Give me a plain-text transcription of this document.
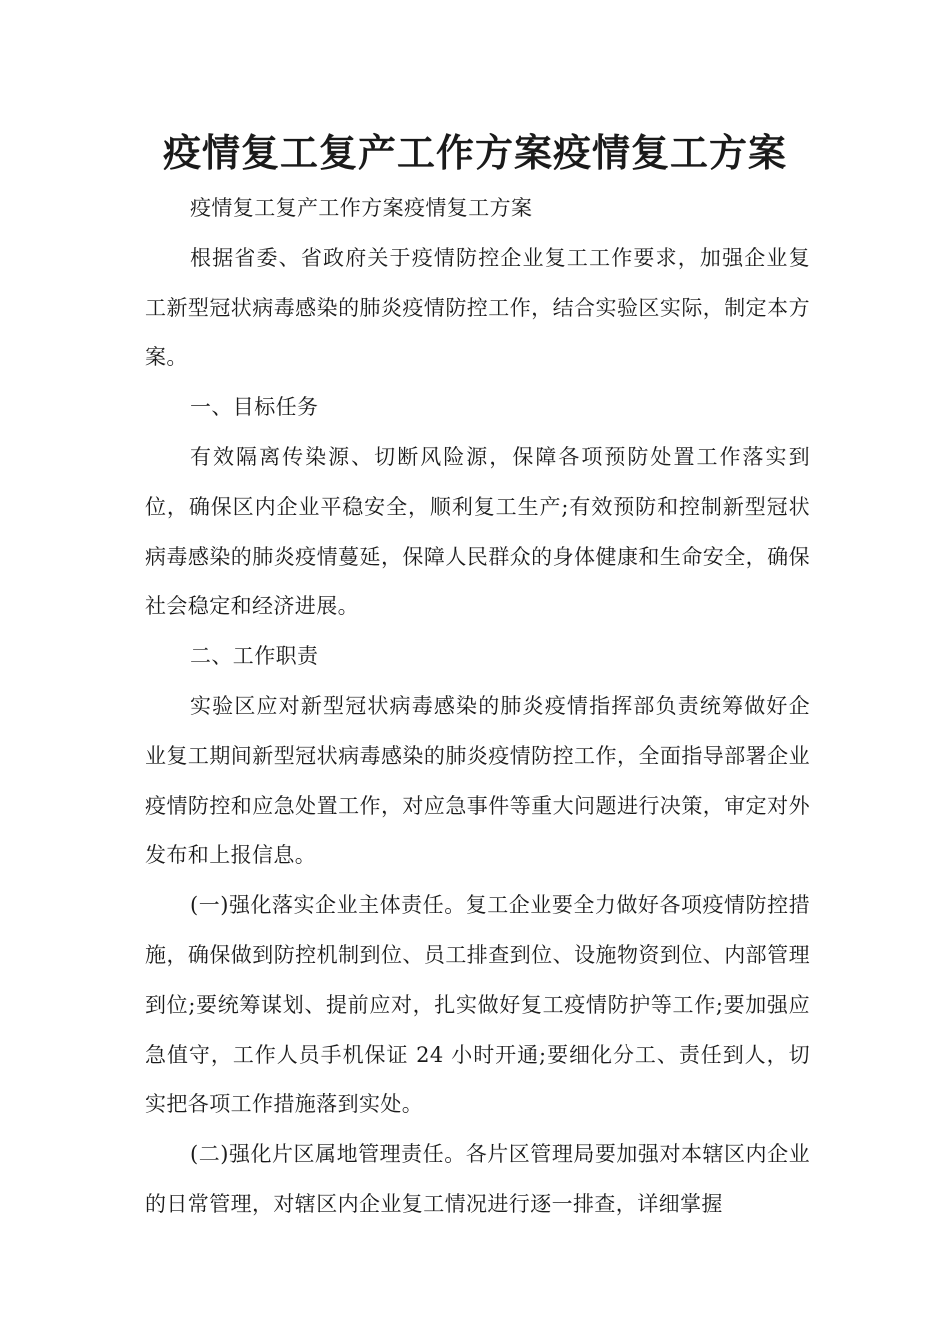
疫情复工复产工作方案疫情复工方案

疫情复工复产工作方案疫情复工方案

根据省委、省政府关于疫情防控企业复工工作要求，加强企业复工新型冠状病毒感染的肺炎疫情防控工作，结合实验区实际，制定本方案。

一、目标任务

有效隔离传染源、切断风险源，保障各项预防处置工作落实到位，确保区内企业平稳安全，顺利复工生产;有效预防和控制新型冠状病毒感染的肺炎疫情蔓延，保障人民群众的身体健康和生命安全，确保社会稳定和经济进展。

二、工作职责

实验区应对新型冠状病毒感染的肺炎疫情指挥部负责统筹做好企业复工期间新型冠状病毒感染的肺炎疫情防控工作，全面指导部署企业疫情防控和应急处置工作，对应急事件等重大问题进行决策，审定对外发布和上报信息。

(一)强化落实企业主体责任。复工企业要全力做好各项疫情防控措施，确保做到防控机制到位、员工排查到位、设施物资到位、内部管理到位;要统筹谋划、提前应对，扎实做好复工疫情防护等工作;要加强应急值守，工作人员手机保证 24 小时开通;要细化分工、责任到人，切实把各项工作措施落到实处。

(二)强化片区属地管理责任。各片区管理局要加强对本辖区内企业的日常管理，对辖区内企业复工情况进行逐一排查，详细掌握
